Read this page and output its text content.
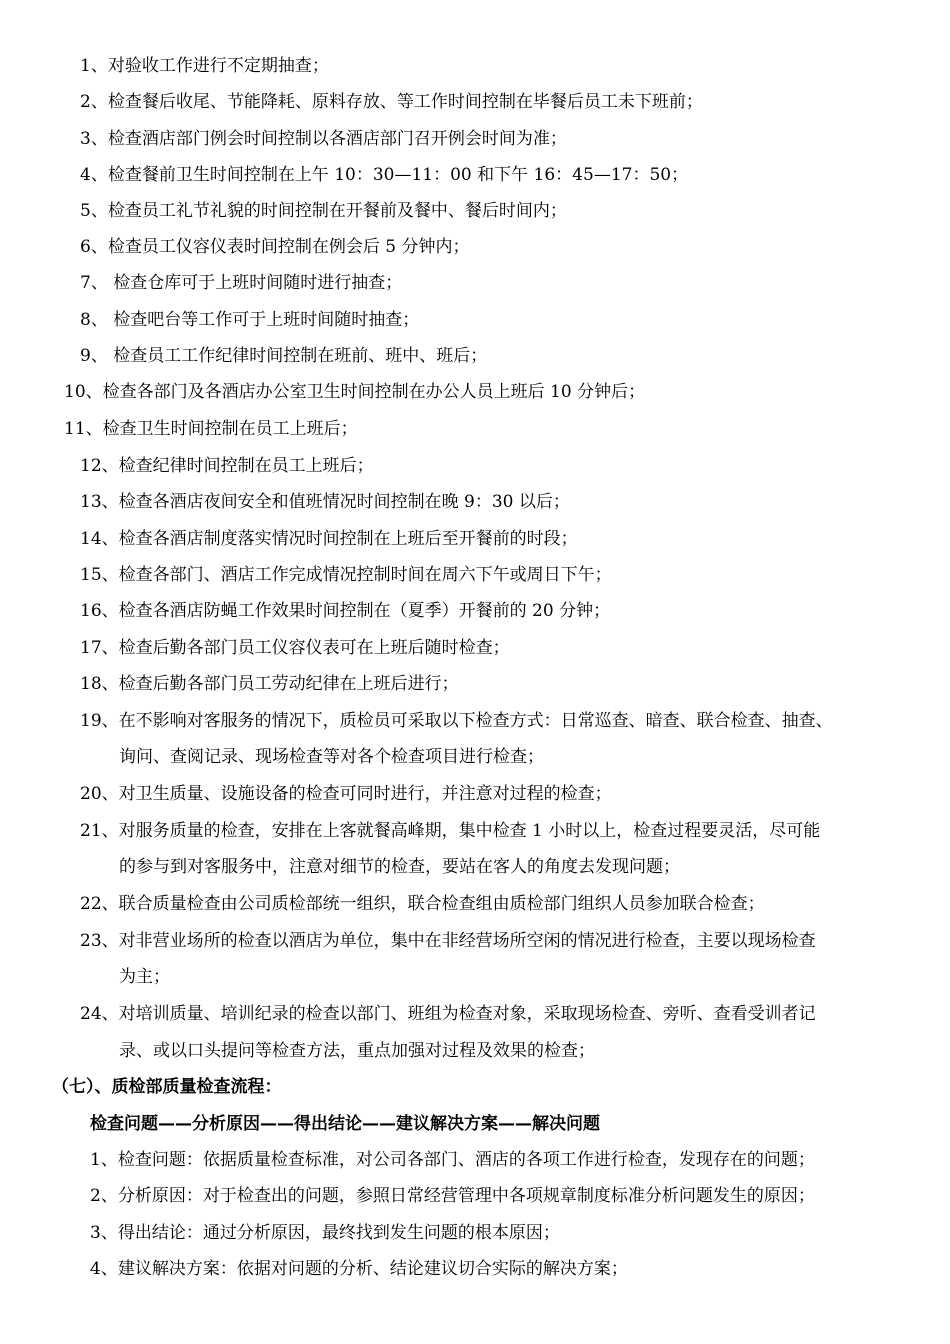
1、对验收工作进行不定期抽查；
2、检查餐后收尾、节能降耗、原料存放、等工作时间控制在毕餐后员工未下班前；
3、检查酒店部门例会时间控制以各酒店部门召开例会时间为准；
4、检查餐前卫生时间控制在上午 10：30—11：00 和下午 16：45—17：50；
5、检查员工礼节礼貌的时间控制在开餐前及餐中、餐后时间内；
6、检查员工仪容仪表时间控制在例会后 5 分钟内；
7、 检查仓库可于上班时间随时进行抽查；
8、 检查吧台等工作可于上班时间随时抽查；
9、 检查员工工作纪律时间控制在班前、班中、班后；
10、检查各部门及各酒店办公室卫生时间控制在办公人员上班后 10 分钟后；
11、检查卫生时间控制在员工上班后；
12、检查纪律时间控制在员工上班后；
13、检查各酒店夜间安全和值班情况时间控制在晚 9：30 以后；
14、检查各酒店制度落实情况时间控制在上班后至开餐前的时段；
15、检查各部门、酒店工作完成情况控制时间在周六下午或周日下午；
16、检查各酒店防蝇工作效果时间控制在（夏季）开餐前的 20 分钟；
17、检查后勤各部门员工仪容仪表可在上班后随时检查；
18、检查后勤各部门员工劳动纪律在上班后进行；
19、在不影响对客服务的情况下，质检员可采取以下检查方式：日常巡查、暗查、联合检查、抽查、
询问、查阅记录、现场检查等对各个检查项目进行检查；
20、对卫生质量、设施设备的检查可同时进行，并注意对过程的检查；
21、对服务质量的检查，安排在上客就餐高峰期，集中检查 1 小时以上，检查过程要灵活，尽可能
的参与到对客服务中，注意对细节的检查，要站在客人的角度去发现问题；
22、联合质量检查由公司质检部统一组织，联合检查组由质检部门组织人员参加联合检查；
23、对非营业场所的检查以酒店为单位，集中在非经营场所空闲的情况进行检查，主要以现场检查
为主；
24、对培训质量、培训纪录的检查以部门、班组为检查对象，采取现场检查、旁听、查看受训者记
录、或以口头提问等检查方法，重点加强对过程及效果的检查；
（七）、质检部质量检查流程：
检查问题——分析原因——得出结论——建议解决方案——解决问题
1、检查问题：依据质量检查标准，对公司各部门、酒店的各项工作进行检查，发现存在的问题；
2、分析原因：对于检查出的问题，参照日常经营管理中各项规章制度标准分析问题发生的原因；
3、得出结论：通过分析原因，最终找到发生问题的根本原因；
4、建议解决方案：依据对问题的分析、结论建议切合实际的解决方案；
